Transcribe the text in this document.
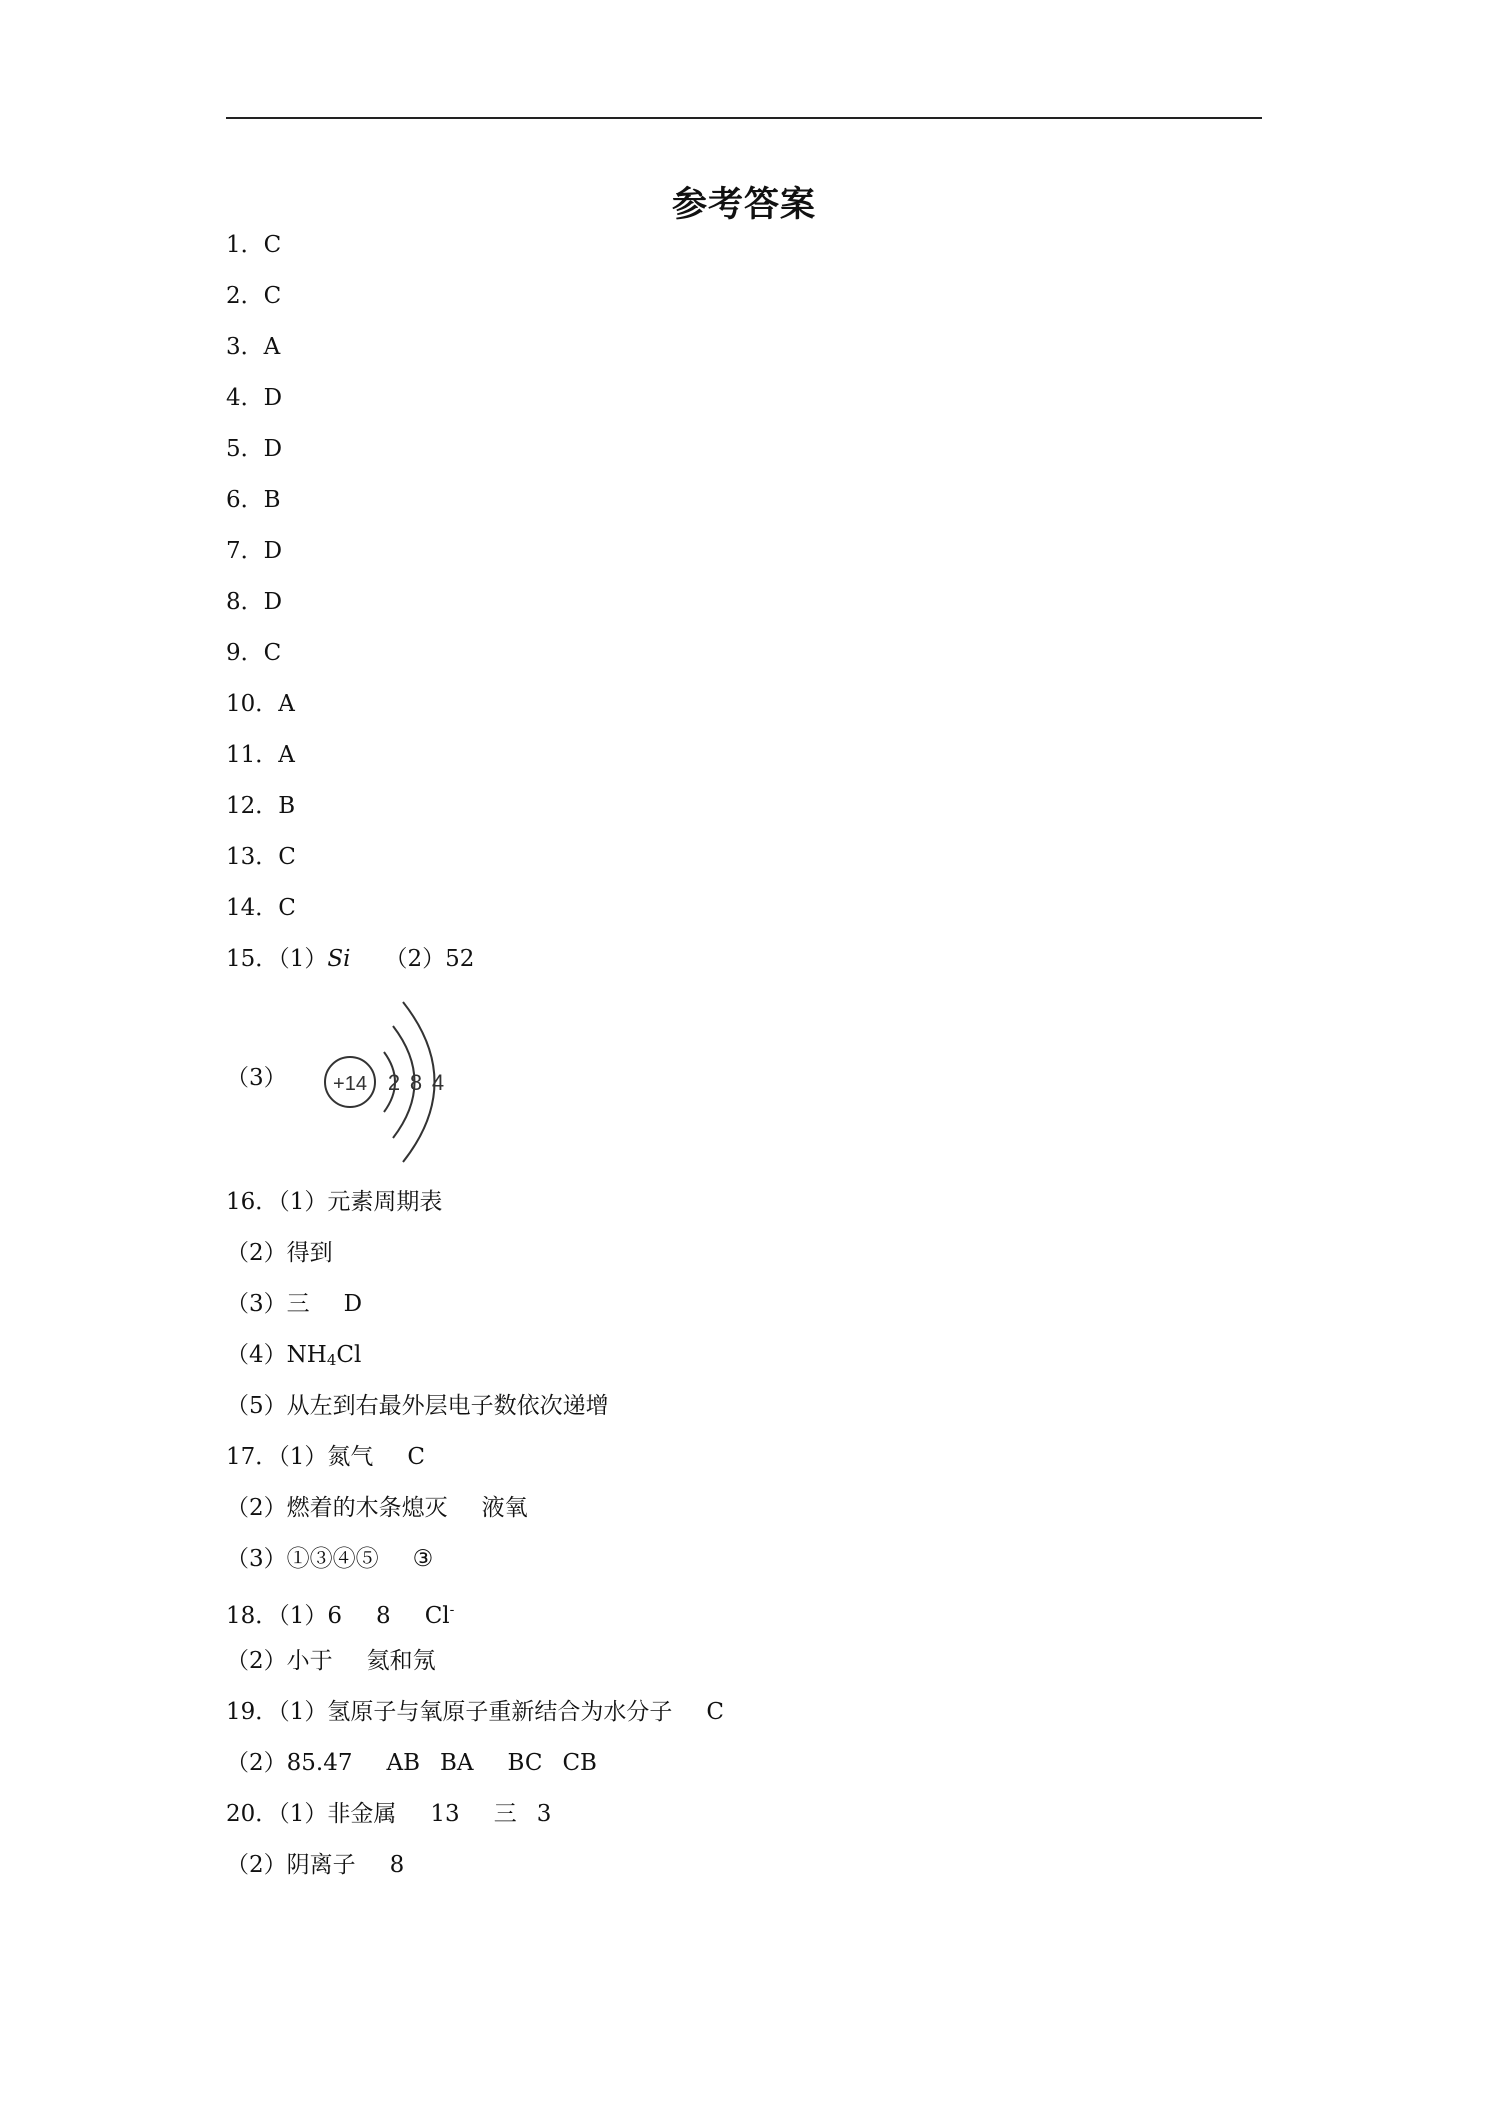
参考答案
1．C
2．C
3．A
4．D
5．D
6．B
7．D
8．D
9．C
10．A
11．A
12．B
13．C
14．C
15．（1）Si （2）52
（3） +14 2 8 4
16．（1）元素周期表
（2）得到
（3）三 D
$(4)NH_4Cl$
（5）从左到右最外层电子数依次递增
17．（1）氮气 C
（2）燃着的木条熄灭 液氧
（3）①③④⑤ ③
18．（1）6 8 Cl-
（2）小于 氦和氖
19．（1）氢原子与氧原子重新结合为水分子 C
（2）85.47 AB BA BC CB
20．（1）非金属 13 三 3
（2）阴离子 8
